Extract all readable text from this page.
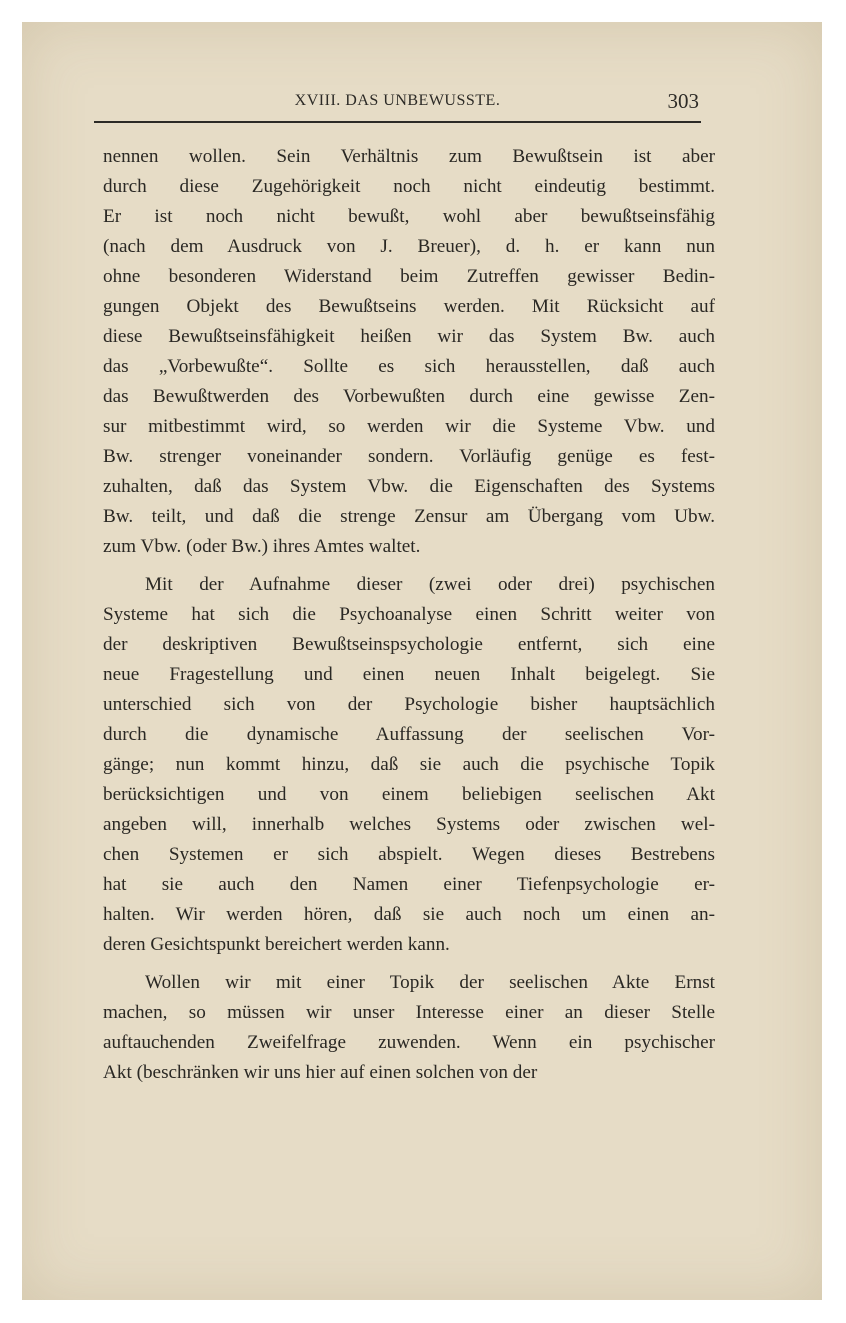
XVIII. DAS UNBEWUSSTE.	303
nennen wollen. Sein Verhältnis zum Bewußtsein ist aber
durch diese Zugehörigkeit noch nicht eindeutig bestimmt.
Er ist noch nicht bewußt, wohl aber bewußtseinsfähig
(nach dem Ausdruck von J. Breuer), d. h. er kann nun
ohne besonderen Widerstand beim Zutreffen gewisser Bedin-
gungen Objekt des Bewußtseins werden. Mit Rücksicht auf
diese Bewußtseinsfähigkeit heißen wir das System Bw. auch
das „Vorbewußte“. Sollte es sich herausstellen, daß auch
das Bewußtwerden des Vorbewußten durch eine gewisse Zen-
sur mitbestimmt wird, so werden wir die Systeme Vbw. und
Bw. strenger voneinander sondern. Vorläufig genüge es fest-
zuhalten, daß das System Vbw. die Eigenschaften des Systems
Bw. teilt, und daß die strenge Zensur am Übergang vom Ubw.
zum Vbw. (oder Bw.) ihres Amtes waltet.
Mit der Aufnahme dieser (zwei oder drei) psychischen
Systeme hat sich die Psychoanalyse einen Schritt weiter von
der deskriptiven Bewußtseinspsychologie entfernt, sich eine
neue Fragestellung und einen neuen Inhalt beigelegt. Sie
unterschied sich von der Psychologie bisher hauptsächlich
durch die dynamische Auffassung der seelischen Vor-
gänge; nun kommt hinzu, daß sie auch die psychische Topik
berücksichtigen und von einem beliebigen seelischen Akt
angeben will, innerhalb welches Systems oder zwischen wel-
chen Systemen er sich abspielt. Wegen dieses Bestrebens
hat sie auch den Namen einer Tiefenpsychologie er-
halten. Wir werden hören, daß sie auch noch um einen an-
deren Gesichtspunkt bereichert werden kann.
Wollen wir mit einer Topik der seelischen Akte Ernst
machen, so müssen wir unser Interesse einer an dieser Stelle
auftauchenden Zweifelfrage zuwenden. Wenn ein psychischer
Akt (beschränken wir uns hier auf einen solchen von der
